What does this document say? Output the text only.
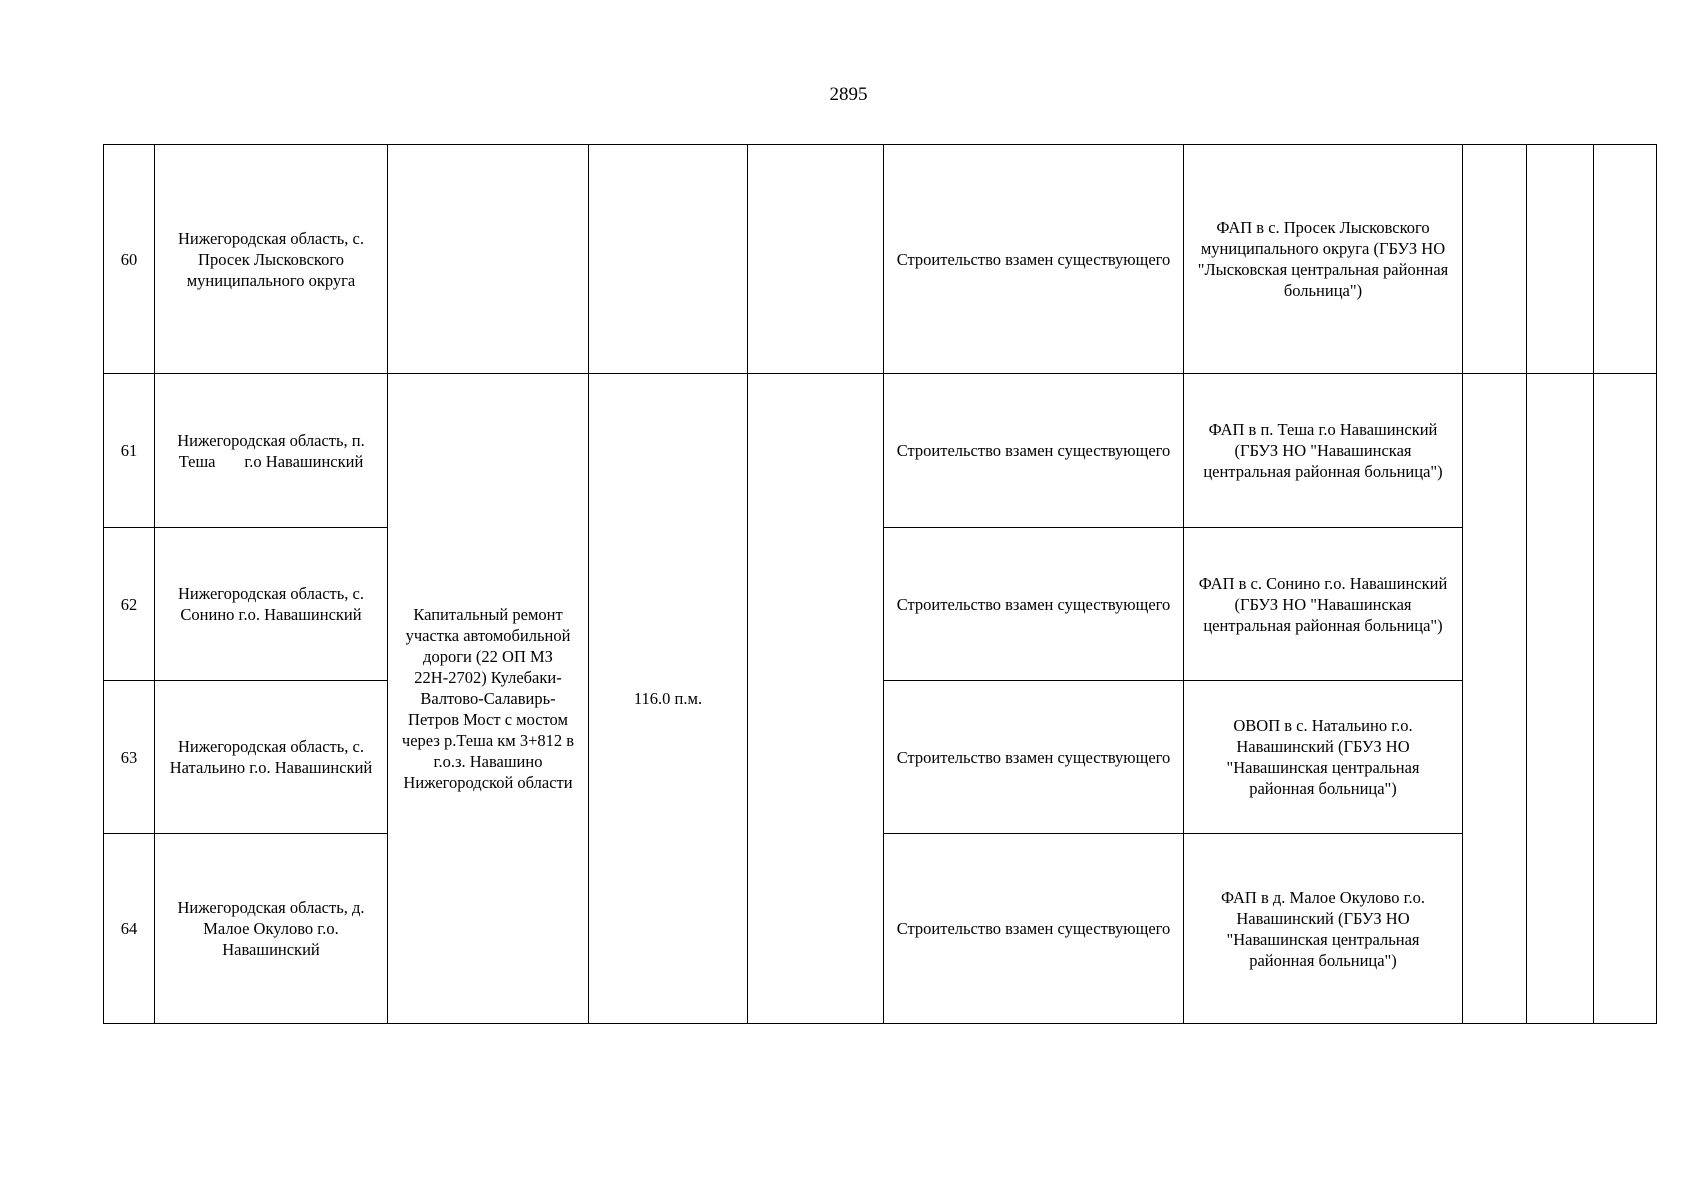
2895
60	Нижегородская область, с. Просек Лысковского муниципального округа				Строительство взамен существующего	ФАП в с. Просек Лысковского муниципального округа (ГБУЗ НО "Лысковская центральная районная больница")			
61	Нижегородская область, п. Теша       г.о Навашинский	Капитальный ремонт участка автомобильной дороги (22 ОП МЗ 22Н-2702) Кулебаки-Валтово-Салавирь-Петров Мост с мостом через р.Теша км 3+812 в г.о.з. Навашино Нижегородской области	116.0 п.м.		Строительство взамен существующего	ФАП в п. Теша г.о Навашинский (ГБУЗ НО "Навашинская центральная районная больница")			
62	Нижегородская область, с. Сонино г.о. Навашинский				Строительство взамен существующего	ФАП в с. Сонино г.о. Навашинский (ГБУЗ НО "Навашинская центральная районная больница")			
63	Нижегородская область, с. Натальино г.о. Навашинский				Строительство взамен существующего	ОВОП в с. Натальино г.о. Навашинский (ГБУЗ НО "Навашинская центральная районная больница")			
64	Нижегородская область, д. Малое Окулово г.о. Навашинский				Строительство взамен существующего	ФАП в д. Малое Окулово г.о. Навашинский (ГБУЗ НО "Навашинская центральная районная больница")			
